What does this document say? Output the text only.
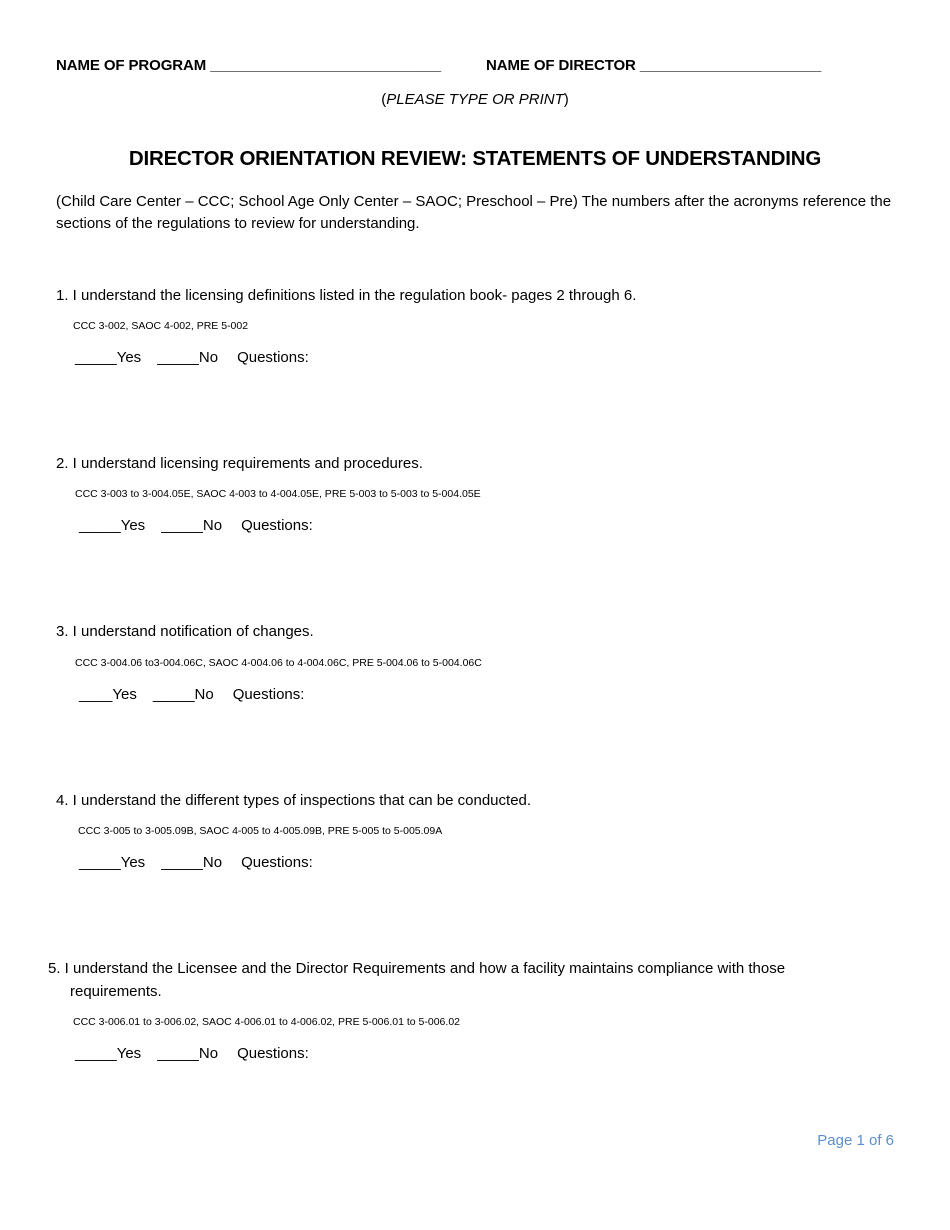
NAME OF PROGRAM ____________________________	NAME OF DIRECTOR ______________________
(PLEASE TYPE OR PRINT)
DIRECTOR ORIENTATION REVIEW: STATEMENTS OF UNDERSTANDING
(Child Care Center – CCC; School Age Only Center – SAOC; Preschool – Pre) The numbers after the acronyms reference the sections of the regulations to review for understanding.
1. I understand the licensing definitions listed in the regulation book- pages 2 through 6.
CCC 3-002, SAOC 4-002, PRE 5-002
_____Yes _____No Questions:
2. I understand licensing requirements and procedures.
CCC 3-003 to 3-004.05E, SAOC 4-003 to 4-004.05E, PRE 5-003 to 5-003 to 5-004.05E
_____Yes _____No Questions:
3. I understand notification of changes.
CCC 3-004.06 to3-004.06C, SAOC 4-004.06 to 4-004.06C, PRE 5-004.06 to 5-004.06C
____Yes _____No Questions:
4. I understand the different types of inspections that can be conducted.
CCC 3-005 to 3-005.09B, SAOC 4-005 to 4-005.09B, PRE 5-005 to 5-005.09A
_____Yes _____No Questions:
5. I understand the Licensee and the Director Requirements and how a facility maintains compliance with those
requirements.
CCC 3-006.01 to 3-006.02, SAOC 4-006.01 to 4-006.02, PRE 5-006.01 to 5-006.02
_____Yes _____No Questions:
Page 1 of 6
